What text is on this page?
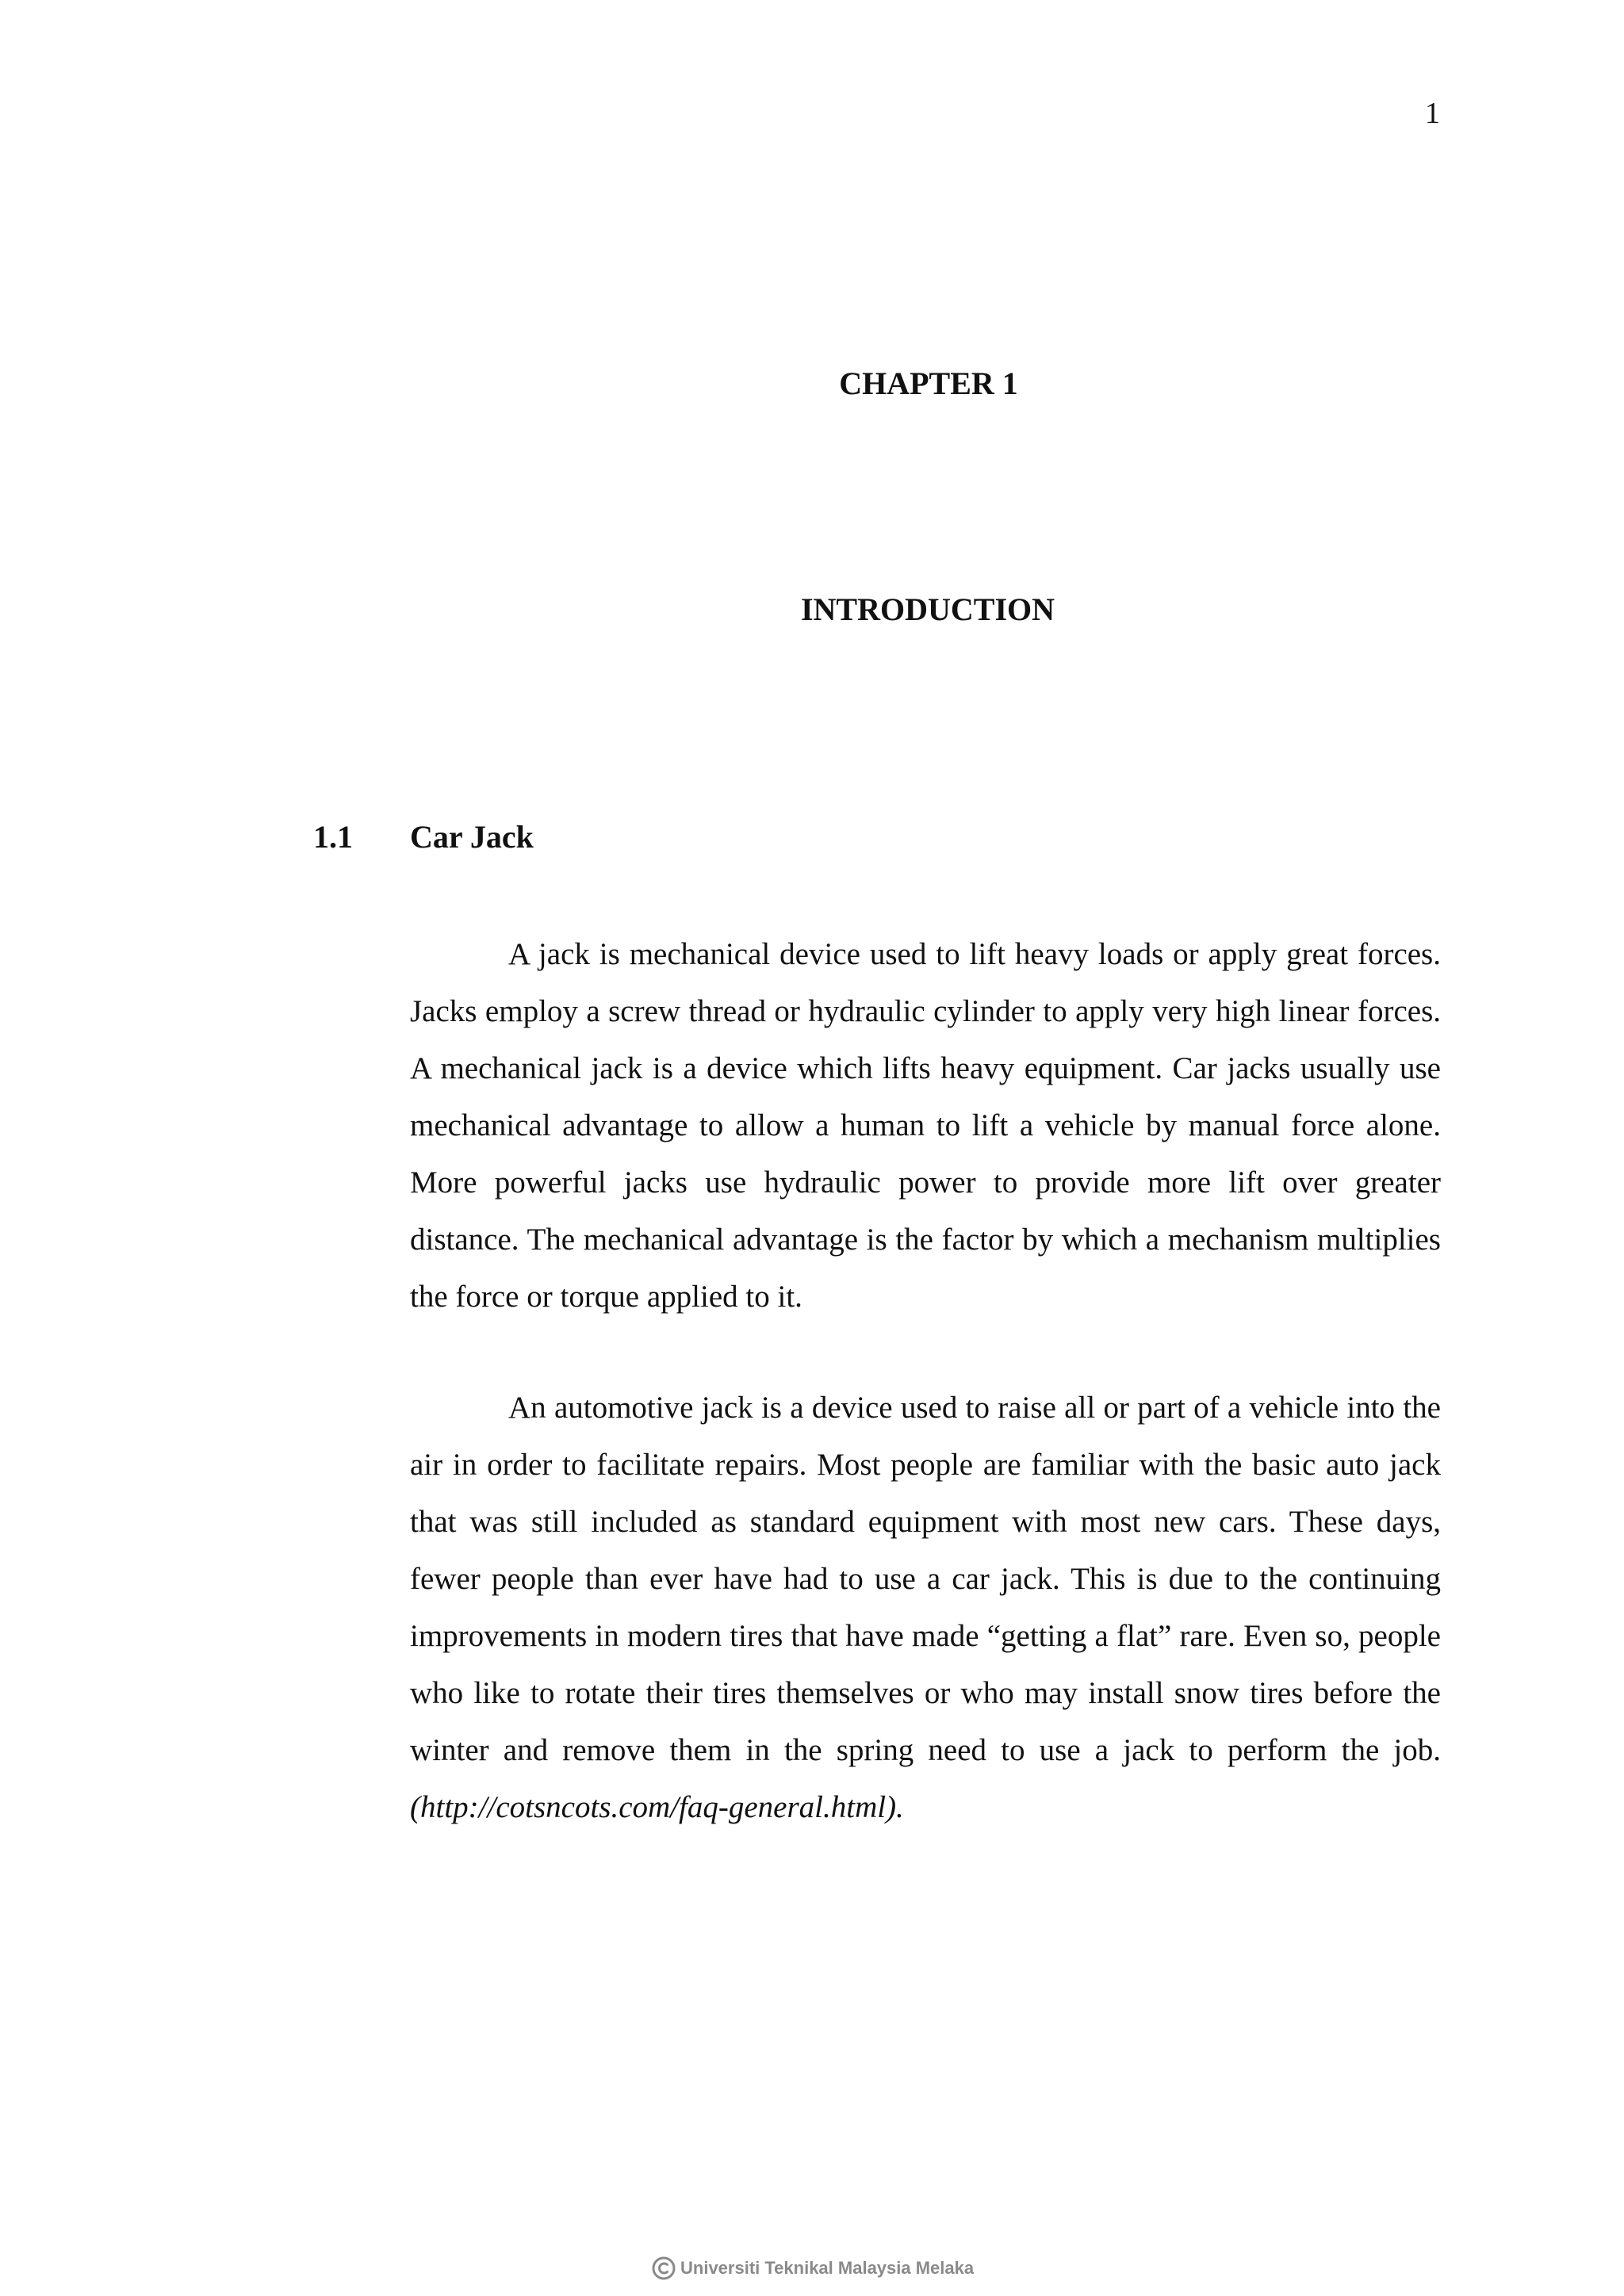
1
CHAPTER 1
INTRODUCTION
1.1 Car Jack

A jack is mechanical device used to lift heavy loads or apply great forces. Jacks employ a screw thread or hydraulic cylinder to apply very high linear forces. A mechanical jack is a device which lifts heavy equipment. Car jacks usually use mechanical advantage to allow a human to lift a vehicle by manual force alone. More powerful jacks use hydraulic power to provide more lift over greater distance. The mechanical advantage is the factor by which a mechanism multiplies the force or torque applied to it.

An automotive jack is a device used to raise all or part of a vehicle into the air in order to facilitate repairs. Most people are familiar with the basic auto jack that was still included as standard equipment with most new cars. These days, fewer people than ever have had to use a car jack. This is due to the continuing improvements in modern tires that have made “getting a flat” rare. Even so, people who like to rotate their tires themselves or who may install snow tires before the winter and remove them in the spring need to use a jack to perform the job. (http://cotsncots.com/faq-general.html).

Universiti Teknikal Malaysia Melaka
